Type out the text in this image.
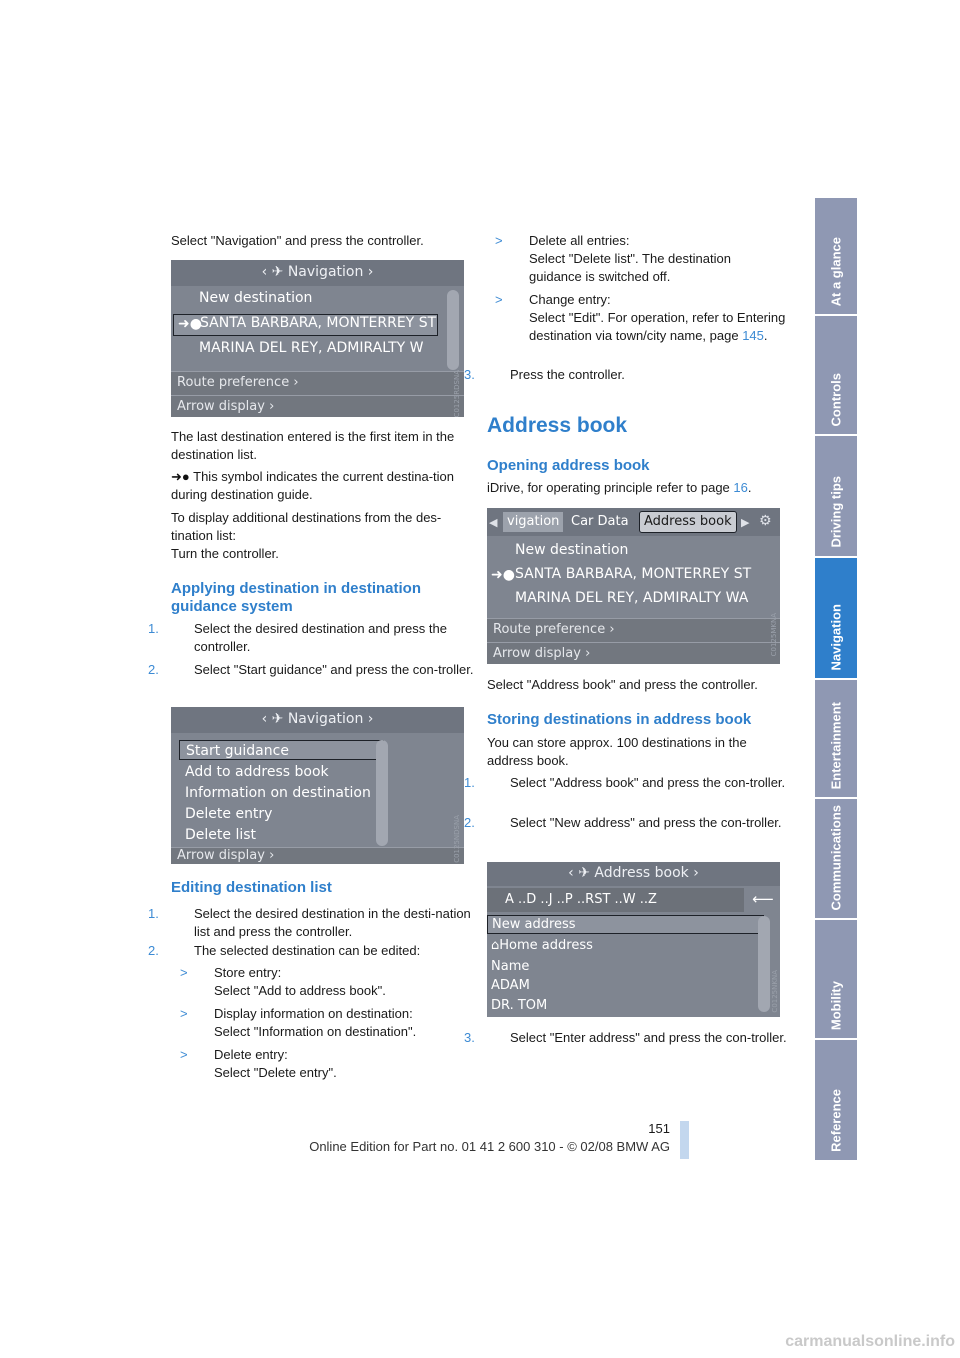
At a glance
Controls
Driving tips
Navigation
Entertainment
Communications
Mobility
Reference

Select "Navigation" and press the controller.

‹ ✈ Navigation ›
New destination
➜●
SANTA BARBARA, MONTERREY ST
MARINA DEL REY, ADMIRALTY W
Route preference ›
Arrow display ›	C0125RDSNA

The last destination entered is the first item in the destination list.

➜● This symbol indicates the current destina-tion during destination guide.

To display additional destinations from the des-tination list:

Turn the controller.

Applying destination in destination guidance system

1.	Select the desired destination and press the controller.

2.	Select "Start guidance" and press the con-troller.

‹ ✈ Navigation ›
Start guidance
Add to address book
Information on destination
Delete entry
Delete list
Arrow display ›	C0125NDSNA
Editing destination list

1.	Select the desired destination in the desti-nation list and press the controller.

2.	The selected destination can be edited:

> Store entry:
Select "Add to address book".

> Display information on destination:
Select "Information on destination".

> Delete entry:
Select "Delete entry".

> Delete all entries:
Select "Delete list". The destination guidance is switched off.

> Change entry:
Select "Edit". For operation, refer to Entering destination via town/city name, page 145.

3.	Press the controller.

Address book
Opening address book

iDrive, for operating principle refer to page 16.

◀ vigation Car Data	Address book ▶ ⚙
New destination
➜● SANTA BARBARA, MONTERREY ST
MARINA DEL REY, ADMIRALTY WA
Route preference ›
Arrow display ›	C0125MKNA

Select "Address book" and press the controller.

Storing destinations in address book

You can store approx. 100 destinations in the address book.

1.	Select "Address book" and press the con-troller.

2.	Select "New address" and press the con-troller.

‹ ✈ Address book ›
A ..D ..J ..P ..RST ..W ..Z	⟵
New address
⌂Home address
Name
ADAM
DR. TOM	C0125NKNA

3.	Select "Enter address" and press the con-troller.

151
Online Edition for Part no. 01 41 2 600 310 - © 02/08 BMW AG
carmanualsonline.info
